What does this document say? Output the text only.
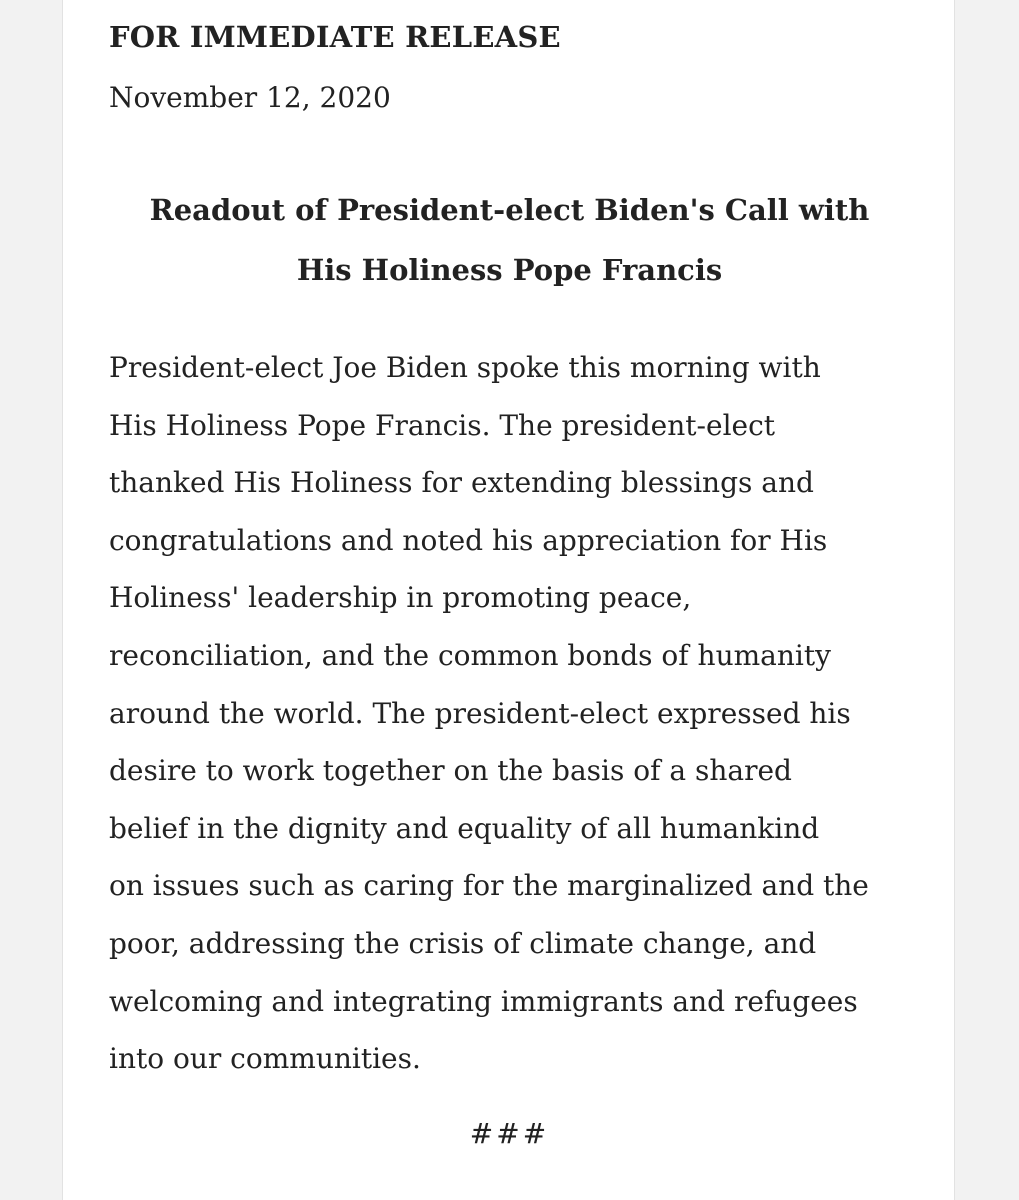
FOR IMMEDIATE RELEASE
November 12, 2020
Readout of President-elect Biden's Call with
His Holiness Pope Francis
President-elect Joe Biden spoke this morning with
His Holiness Pope Francis. The president-elect
thanked His Holiness for extending blessings and
congratulations and noted his appreciation for His
Holiness' leadership in promoting peace,
reconciliation, and the common bonds of humanity
around the world. The president-elect expressed his
desire to work together on the basis of a shared
belief in the dignity and equality of all humankind
on issues such as caring for the marginalized and the
poor, addressing the crisis of climate change, and
welcoming and integrating immigrants and refugees
into our communities.
###
